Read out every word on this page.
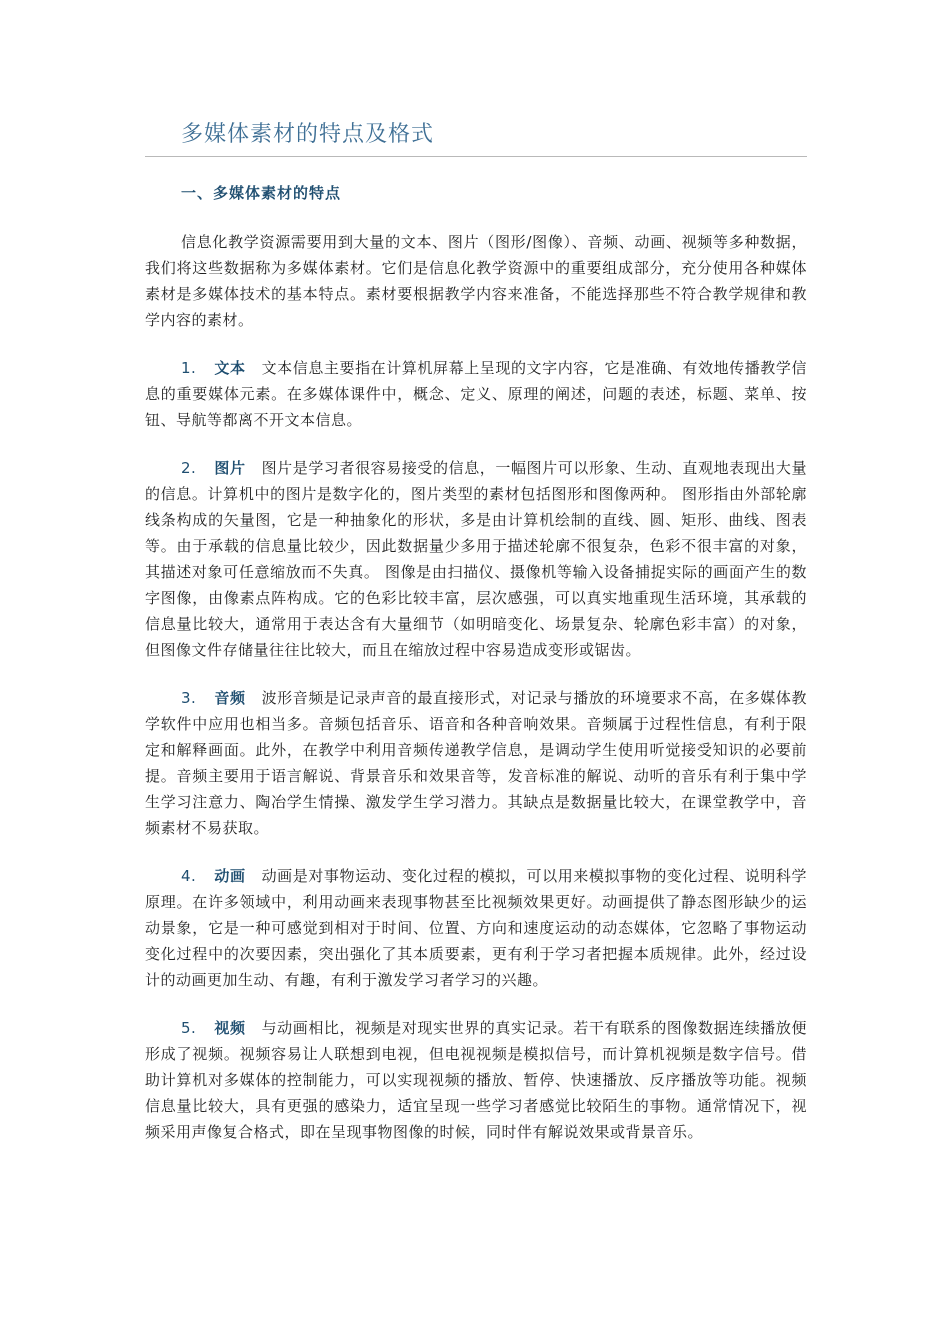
多媒体素材的特点及格式
一、多媒体素材的特点

信息化教学资源需要用到大量的文本、图片（图形/图像）、音频、动画、视频等多种数据，我们将这些数据称为多媒体素材。它们是信息化教学资源中的重要组成部分，充分使用各种媒体素材是多媒体技术的基本特点。素材要根据教学内容来准备，不能选择那些不符合教学规律和教学内容的素材。

1. 文本 文本信息主要指在计算机屏幕上呈现的文字内容，它是准确、有效地传播教学信息的重要媒体元素。在多媒体课件中，概念、定义、原理的阐述，问题的表述，标题、菜单、按钮、导航等都离不开文本信息。

2. 图片 图片是学习者很容易接受的信息，一幅图片可以形象、生动、直观地表现出大量的信息。计算机中的图片是数字化的，图片类型的素材包括图形和图像两种。 图形指由外部轮廓线条构成的矢量图，它是一种抽象化的形状，多是由计算机绘制的直线、圆、矩形、曲线、图表等。由于承载的信息量比较少，因此数据量少多用于描述轮廓不很复杂，色彩不很丰富的对象，其描述对象可任意缩放而不失真。 图像是由扫描仪、摄像机等输入设备捕捉实际的画面产生的数字图像，由像素点阵构成。它的色彩比较丰富，层次感强，可以真实地重现生活环境，其承载的信息量比较大，通常用于表达含有大量细节（如明暗变化、场景复杂、轮廓色彩丰富）的对象，但图像文件存储量往往比较大，而且在缩放过程中容易造成变形或锯齿。

3. 音频 波形音频是记录声音的最直接形式，对记录与播放的环境要求不高，在多媒体教学软件中应用也相当多。音频包括音乐、语音和各种音响效果。音频属于过程性信息，有利于限定和解释画面。此外，在教学中利用音频传递教学信息，是调动学生使用听觉接受知识的必要前提。音频主要用于语言解说、背景音乐和效果音等，发音标准的解说、动听的音乐有利于集中学生学习注意力、陶冶学生情操、激发学生学习潜力。其缺点是数据量比较大，在课堂教学中，音频素材不易获取。

4. 动画 动画是对事物运动、变化过程的模拟，可以用来模拟事物的变化过程、说明科学原理。在许多领域中，利用动画来表现事物甚至比视频效果更好。动画提供了静态图形缺少的运动景象，它是一种可感觉到相对于时间、位置、方向和速度运动的动态媒体，它忽略了事物运动变化过程中的次要因素，突出强化了其本质要素，更有利于学习者把握本质规律。此外，经过设计的动画更加生动、有趣，有利于激发学习者学习的兴趣。

5. 视频 与动画相比，视频是对现实世界的真实记录。若干有联系的图像数据连续播放便形成了视频。视频容易让人联想到电视，但电视视频是模拟信号，而计算机视频是数字信号。借助计算机对多媒体的控制能力，可以实现视频的播放、暂停、快速播放、反序播放等功能。视频信息量比较大，具有更强的感染力，适宜呈现一些学习者感觉比较陌生的事物。通常情况下，视频采用声像复合格式，即在呈现事物图像的时候，同时伴有解说效果或背景音乐。
